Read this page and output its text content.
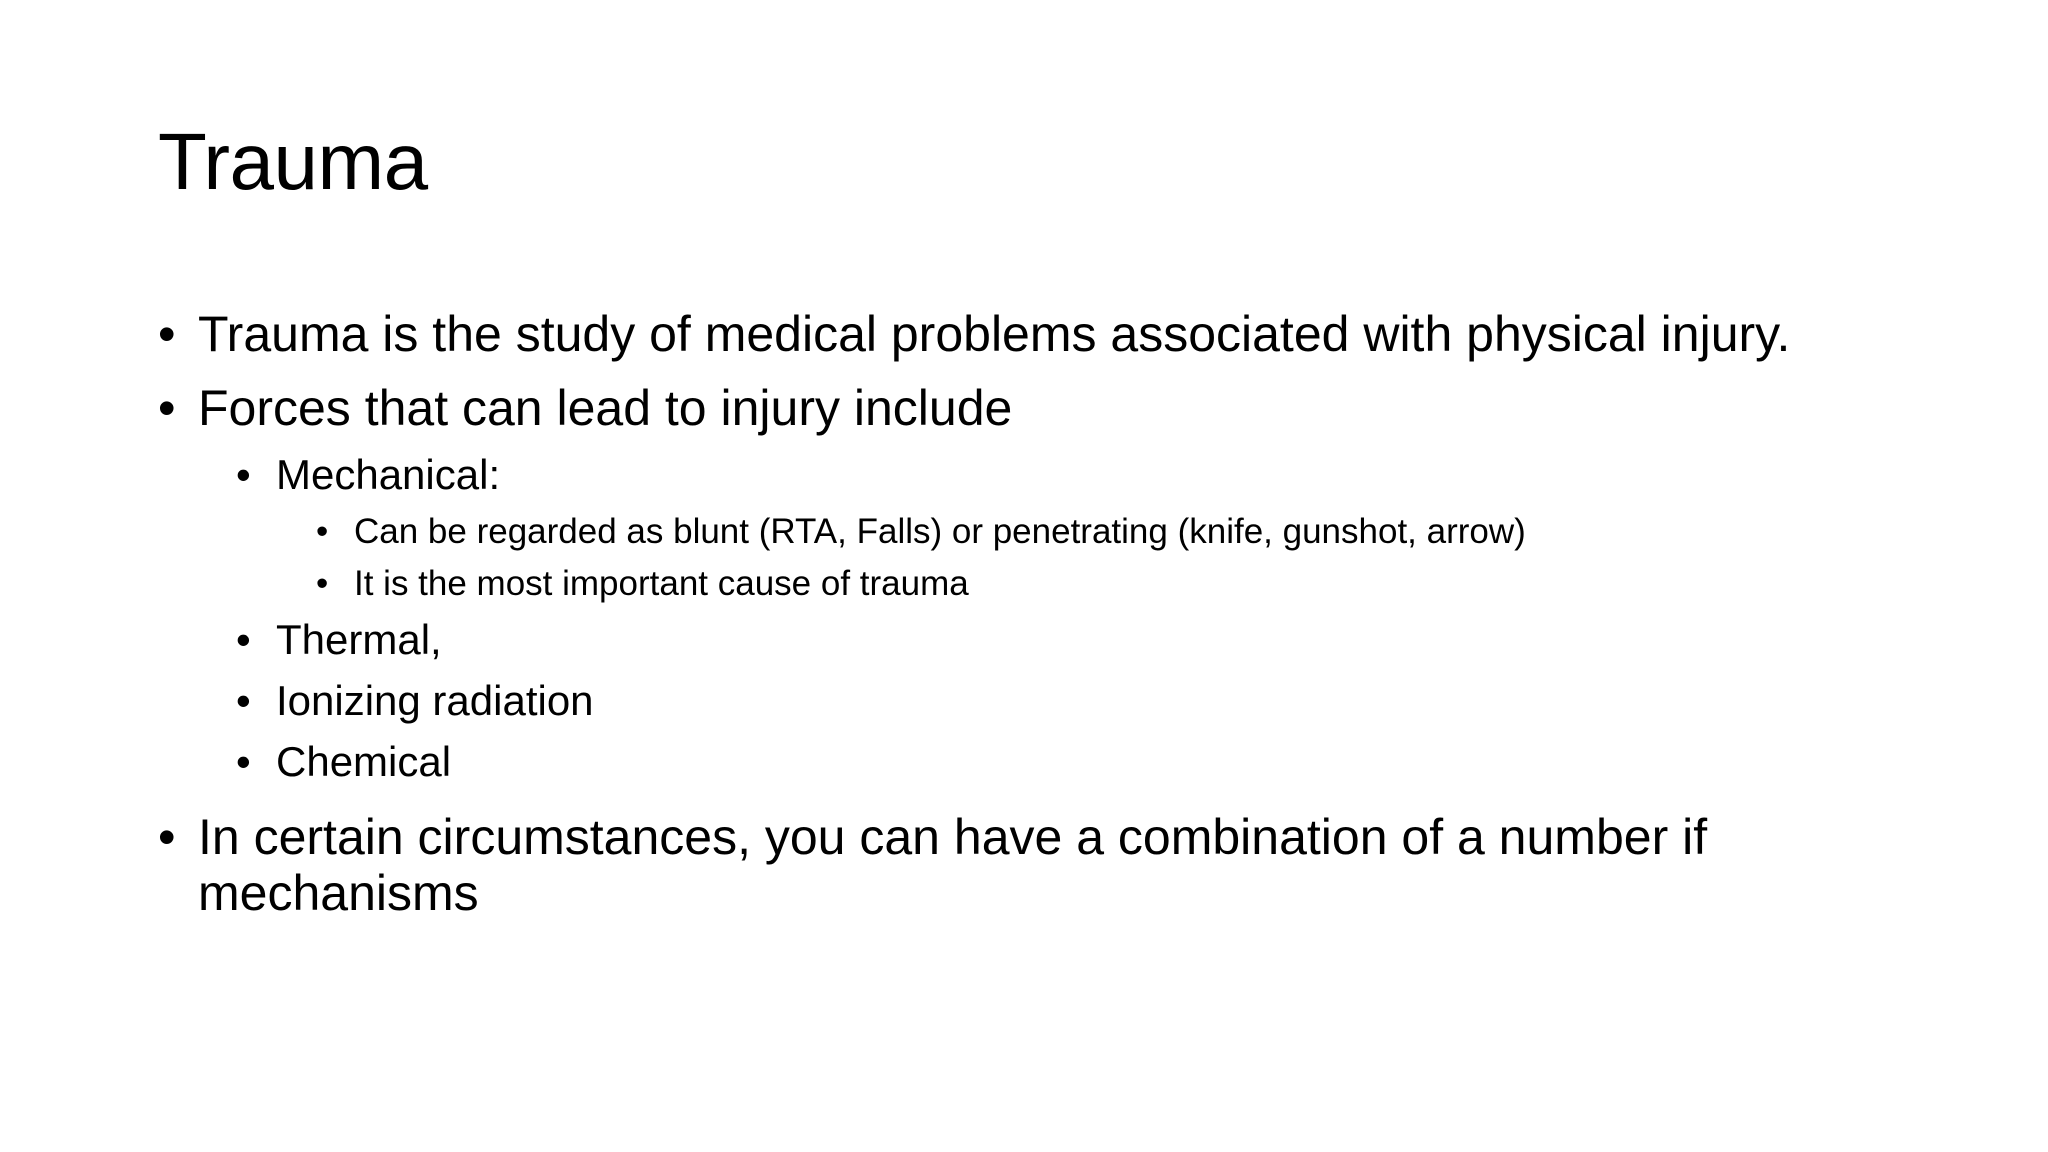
Trauma
• Trauma is the study of medical problems associated with physical injury.
• Forces that can lead to injury include
• Mechanical:
• Can be regarded as blunt (RTA, Falls) or penetrating (knife, gunshot, arrow)
• It is the most important cause of trauma
• Thermal,
• Ionizing radiation
• Chemical
• In certain circumstances, you can have a combination of a number if mechanisms
